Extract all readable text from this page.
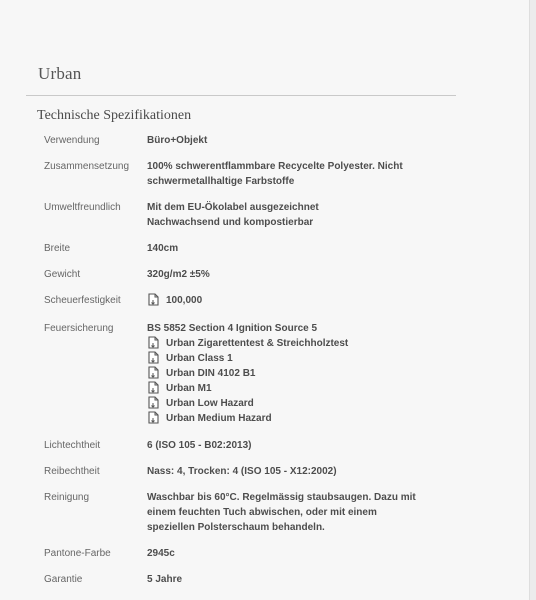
Urban
Technische Spezifikationen
Verwendung	Büro+Objekt
Zusammensetzung 100% schwerentflammbare Recycelte Polyester. Nicht
schwermetallhaltige Farbstoffe
Umweltfreundlich	Mit dem EU-Ökolabel ausgezeichnet
Nachwachsend und kompostierbar
Breite	140cm
Gewicht	320g/m2 ±5%
Scheuerfestigkeit	100,000
Feuersicherung	BS 5852 Section 4 Ignition Source 5
Urban Zigarettentest & Streichholztest
Urban Class 1
Urban DIN 4102 B1
Urban M1
Urban Low Hazard
Urban Medium Hazard
Lichtechtheit	6 (ISO 105 - B02:2013)
Reibechtheit	Nass: 4, Trocken: 4 (ISO 105 - X12:2002)
Reinigung	Waschbar bis 60°C. Regelmässig staubsaugen. Dazu mit
einem feuchten Tuch abwischen, oder mit einem
speziellen Polsterschaum behandeln.
Pantone-Farbe	2945c
Garantie	5 Jahre
